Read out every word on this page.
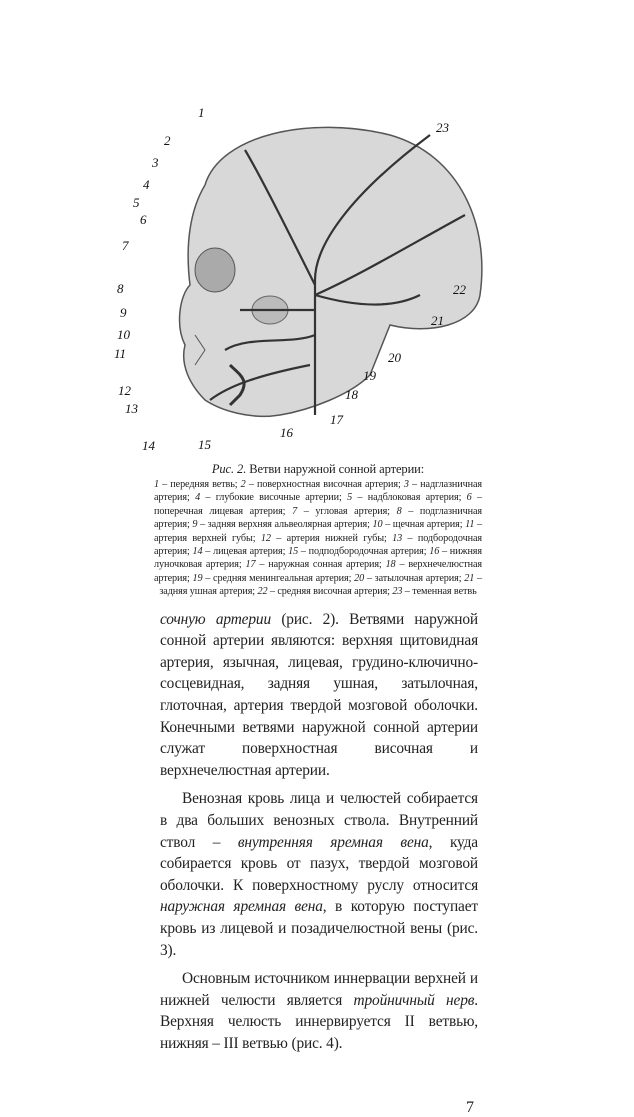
1
2
3
4
5
6
7
8
9
10
11
12
13
14	15
16
17
18
19
20
21
22
23
Рис. 2. Ветви наружной сонной артерии:
1 – передняя ветвь; 2 – поверхностная височная артерия; 3 – надглазничная артерия; 4 – глубокие височные артерии; 5 – надблоковая артерия; 6 – поперечная лицевая артерия; 7 – угловая артерия; 8 – подглазничная артерия; 9 – задняя верхняя альвеолярная артерия; 10 – щечная артерия; 11 – артерия верхней губы; 12 – артерия нижней губы; 13 – подбородочная артерия; 14 – лицевая артерия; 15 – подподбородочная артерия; 16 – нижняя луночковая артерия; 17 – наружная сонная артерия; 18 – верхнечелюстная артерия; 19 – средняя менингеальная артерия; 20 – затылочная артерия; 21 – задняя ушная артерия; 22 – средняя височная артерия; 23 – теменная ветвь

сочную артерии (рис. 2). Ветвями наружной сонной артерии являются: верхняя щитовидная артерия, язычная, лицевая, грудино-ключично-сосцевидная, задняя ушная, затылочная, глоточная, артерия твердой мозговой оболочки. Конечными ветвями наружной сонной артерии служат поверхностная височная и верхнечелюстная артерии.

Венозная кровь лица и челюстей собирается в два больших венозных ствола. Внутренний ствол – внутренняя яремная вена, куда собирается кровь от пазух, твердой мозговой оболочки. К поверхностному руслу относится наружная яремная вена, в которую поступает кровь из лицевой и позадичелюстной вены (рис. 3).

Основным источником иннервации верхней и нижней челюсти является тройничный нерв. Верхняя челюсть иннервируется II ветвью, нижняя – III ветвью (рис. 4).

7
